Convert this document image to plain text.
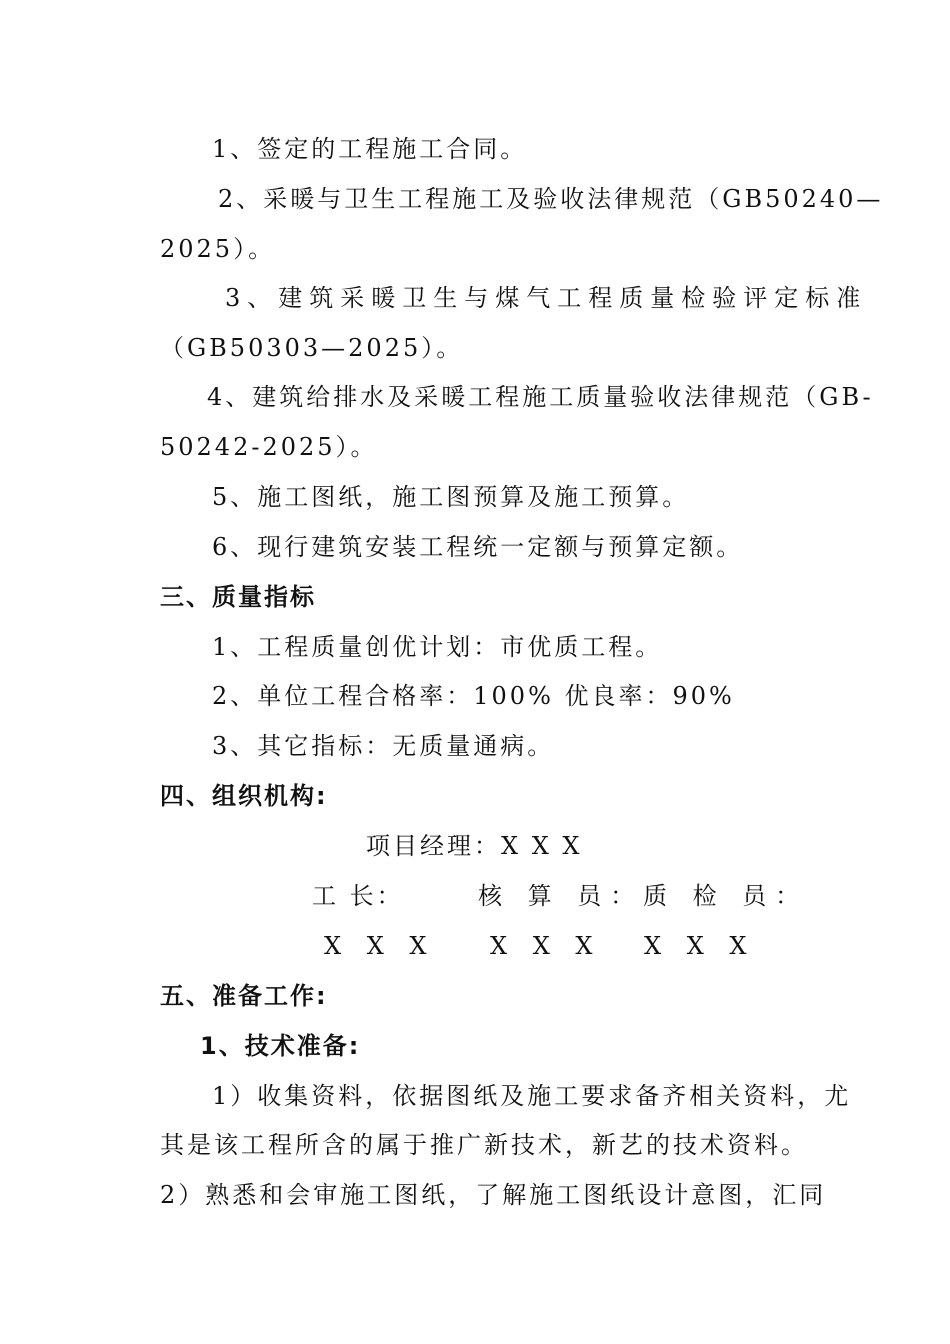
1、签定的工程施工合同。
2、采暖与卫生工程施工及验收法律规范（GB50240—
2025）。
3、建筑采暖卫生与煤气工程质量检验评定标准
（GB50303—2025）。
4、建筑给排水及采暖工程施工质量验收法律规范（GB-
50242-2025）。
5、施工图纸，施工图预算及施工预算。
6、现行建筑安装工程统一定额与预算定额。
三、质量指标
1、工程质量创优计划：市优质工程。
2、单位工程合格率：100% 优良率：90%
3、其它指标：无质量通病。
四、组织机构:
项目经理：X X X
工 长：	核 算 员： 质 检 员：
X X X X X X X X X
五、准备工作:
1、技术准备:
1）收集资料，依据图纸及施工要求备齐相关资料，尤
其是该工程所含的属于推广新技术，新艺的技术资料。
2）熟悉和会审施工图纸，了解施工图纸设计意图，汇同
